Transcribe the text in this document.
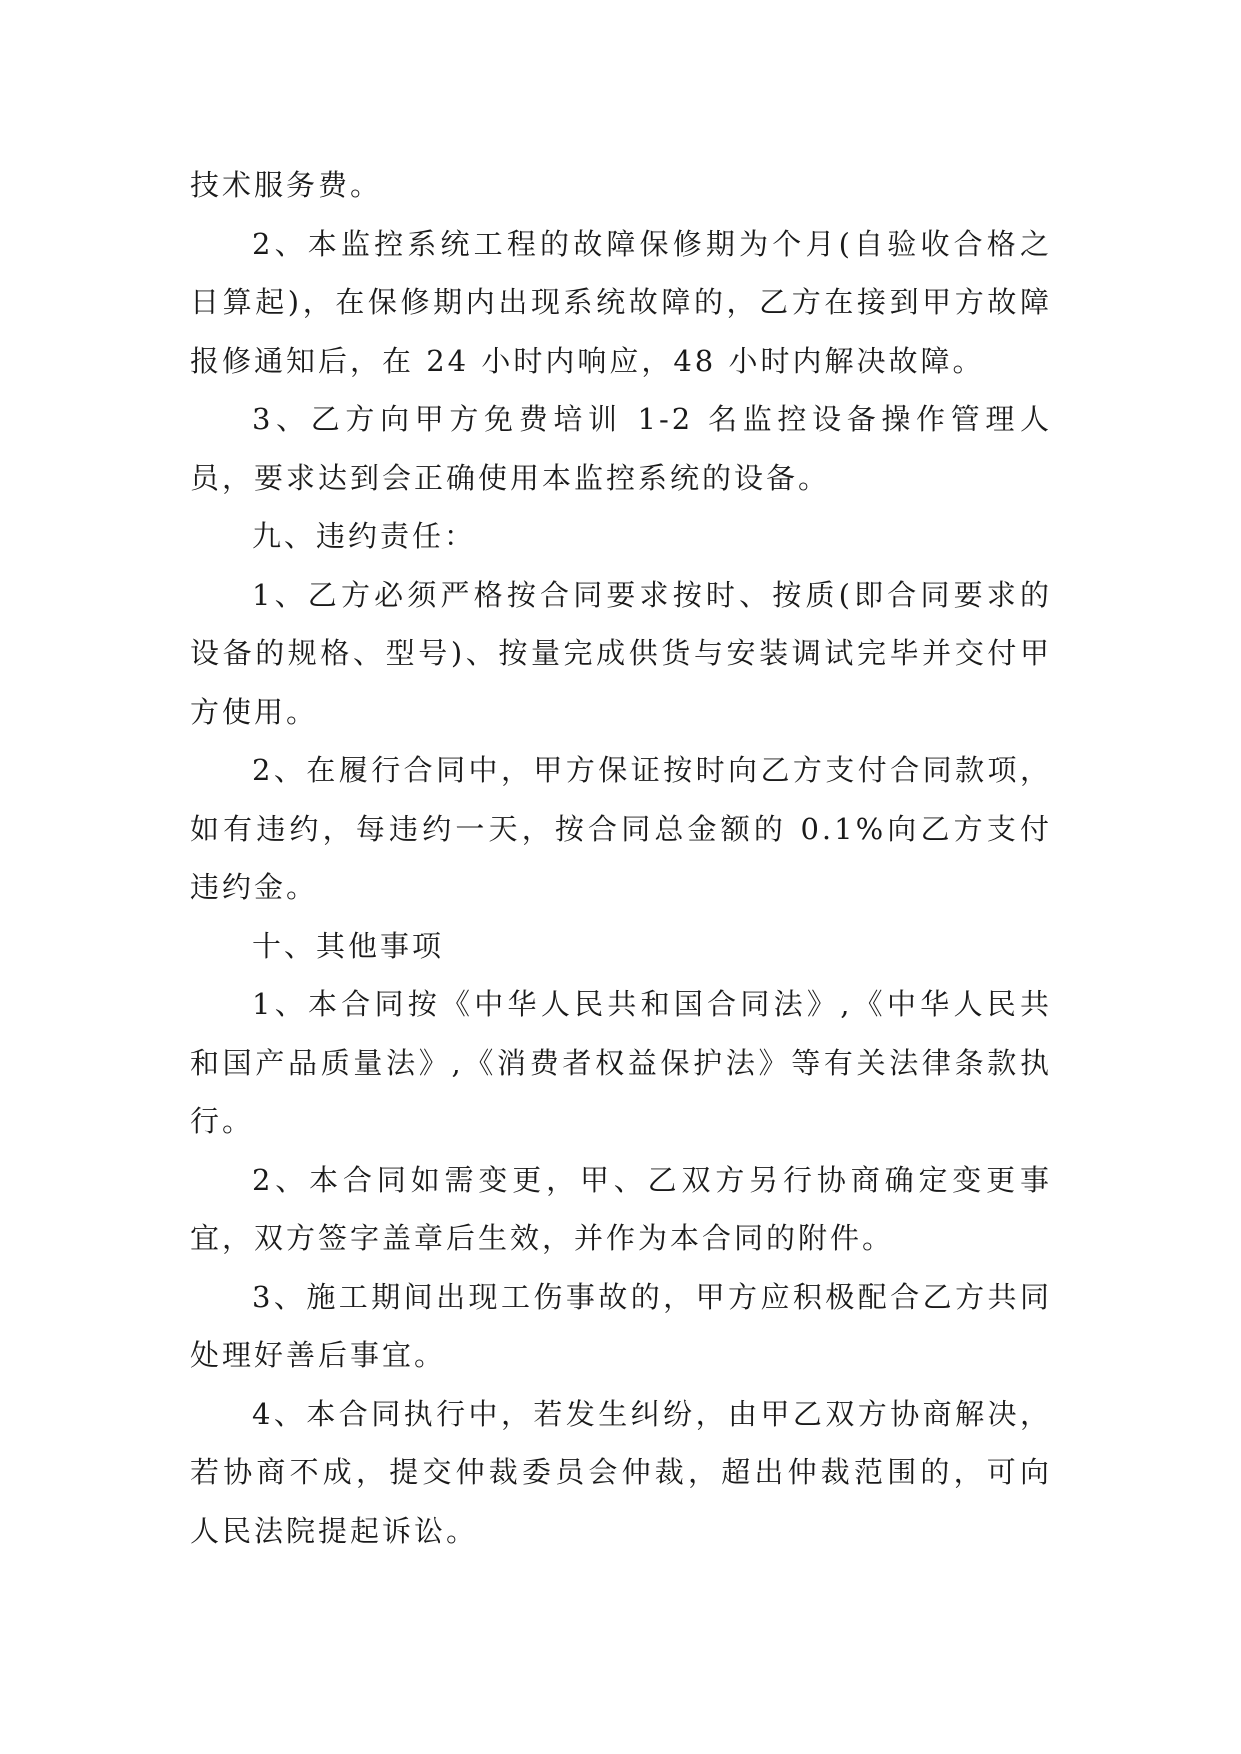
技术服务费。

2、本监控系统工程的故障保修期为个月(自验收合格之日算起)，在保修期内出现系统故障的，乙方在接到甲方故障报修通知后，在 24 小时内响应，48 小时内解决故障。

3、乙方向甲方免费培训 1-2 名监控设备操作管理人员，要求达到会正确使用本监控系统的设备。

九、违约责任：

1、乙方必须严格按合同要求按时、按质(即合同要求的设备的规格、型号)、按量完成供货与安装调试完毕并交付甲方使用。

2、在履行合同中，甲方保证按时向乙方支付合同款项，如有违约，每违约一天，按合同总金额的 0.1%向乙方支付违约金。

十、其他事项

1、本合同按《中华人民共和国合同法》,《中华人民共和国产品质量法》,《消费者权益保护法》等有关法律条款执行。

2、本合同如需变更，甲、乙双方另行协商确定变更事宜，双方签字盖章后生效，并作为本合同的附件。

3、施工期间出现工伤事故的，甲方应积极配合乙方共同处理好善后事宜。

4、本合同执行中，若发生纠纷，由甲乙双方协商解决，若协商不成，提交仲裁委员会仲裁，超出仲裁范围的，可向人民法院提起诉讼。
